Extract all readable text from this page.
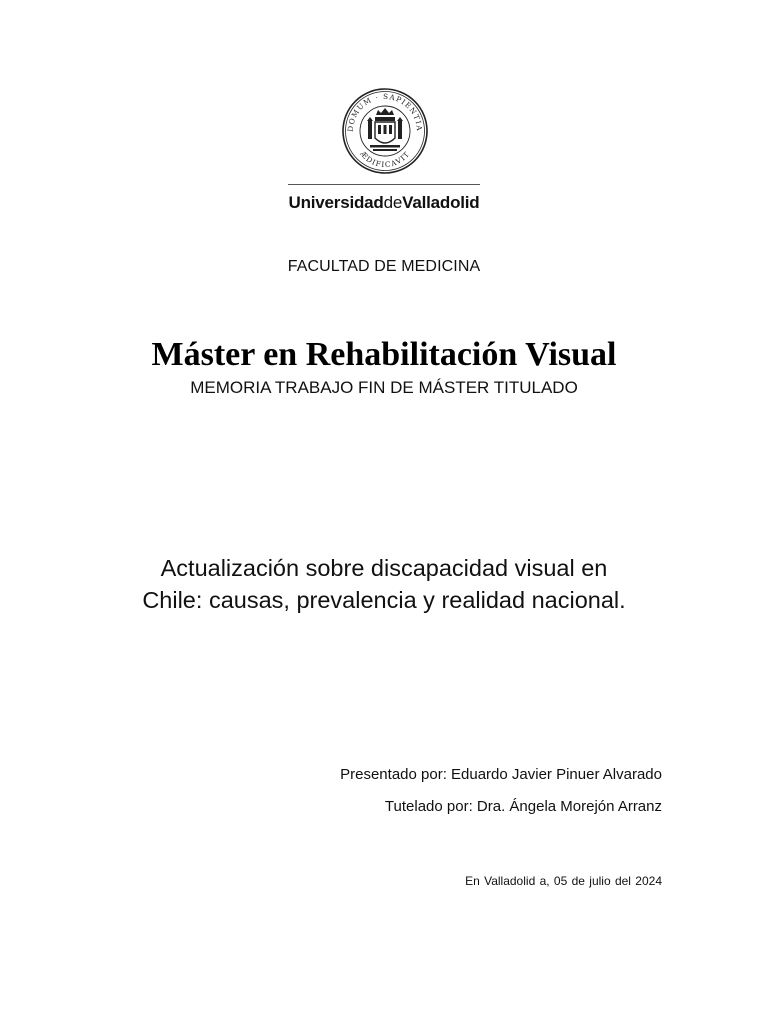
DOMUM · SAPIENTIA
ÆDIFICAVIT
UniversidaddeValladolid
FACULTAD DE MEDICINA
Máster en Rehabilitación Visual
MEMORIA TRABAJO FIN DE MÁSTER TITULADO
Actualización sobre discapacidad visual en
Chile: causas, prevalencia y realidad nacional.
Presentado por: Eduardo Javier Pinuer Alvarado
Tutelado por: Dra. Ángela Morejón Arranz
En Valladolid a, 05 de julio del 2024
